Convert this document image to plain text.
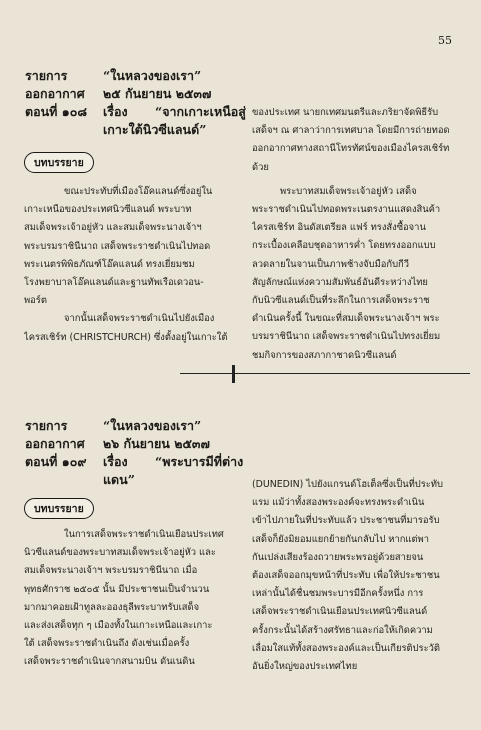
55
รายการ	“ในหลวงของเรา”
ออกอากาศ	๒๕ กันยายน ๒๕๓๗
ตอนที่ ๑๐๘	เรื่อง	“จากเกาะเหนือสู่
เกาะใต้นิวซีแลนด์”
บทบรรยาย

ขณะประทับที่เมืองโอ๊คแลนด์ซึ่งอยู่ใน

เกาะเหนือของประเทศนิวซีแลนด์ พระบาท

สมเด็จพระเจ้าอยู่หัว และสมเด็จพระนางเจ้าฯ

พระบรมราชินีนาถ เสด็จพระราชดำเนินไปทอด

พระเนตรพิพิธภัณฑ์โอ๊คแลนด์ ทรงเยี่ยมชม

โรงพยาบาลโอ๊คแลนด์และฐานทัพเรือเดวอน-

พอร์ต

จากนั้นเสด็จพระราชดำเนินไปยังเมือง

ไครสเชิร์ท (CHRISTCHURCH) ซึ่งตั้งอยู่ในเกาะใต้

ของประเทศ นายกเทศมนตรีและภริยาจัดพิธีรับ

เสด็จฯ ณ ศาลาว่าการเทศบาล โดยมีการถ่ายทอด

ออกอากาศทางสถานีโทรทัศน์ของเมืองไครสเชิร์ท

ด้วย

พระบาทสมเด็จพระเจ้าอยู่หัว เสด็จ

พระราชดำเนินไปทอดพระเนตรงานแสดงสินค้า

ไครสเชิร์ท อินดัสเตรียล แฟร์ ทรงสั่งซื้อจาน

กระเบื้องเคลือบชุดอาหารค่ำ โดยทรงออกแบบ

ลวดลายในจานเป็นภาพช้างจับมือกับกีวี

สัญลักษณ์แห่งความสัมพันธ์อันดีระหว่างไทย

กับนิวซีแลนด์เป็นที่ระลึกในการเสด็จพระราช

ดำเนินครั้งนี้ ในขณะที่สมเด็จพระนางเจ้าฯ พระ

บรมราชินีนาถ เสด็จพระราชดำเนินไปทรงเยี่ยม

ชมกิจการของสภากาชาดนิวซีแลนด์

รายการ	“ในหลวงของเรา”
ออกอากาศ	๒๖ กันยายน ๒๕๓๗
ตอนที่ ๑๐๙	เรื่อง	“พระบารมีที่ต่าง
แดน”
บทบรรยาย

ในการเสด็จพระราชดำเนินเยือนประเทศ

นิวซีแลนด์ของพระบาทสมเด็จพระเจ้าอยู่หัว และ

สมเด็จพระนางเจ้าฯ พระบรมราชินีนาถ เมื่อ

พุทธศักราช ๒๕๐๕ นั้น มีประชาชนเป็นจำนวน

มากมาคอยเฝ้าทูลละอองธุลีพระบาทรับเสด็จ

และส่งเสด็จทุก ๆ เมืองทั้งในเกาะเหนือและเกาะ

ใต้ เสด็จพระราชดำเนินถึง ดังเช่นเมื่อครั้ง

เสด็จพระราชดำเนินจากสนามบิน ดันเนดิน

(DUNEDIN) ไปยังแกรนด์โฮเต็ลซึ่งเป็นที่ประทับ

แรม แม้ว่าทั้งสองพระองค์จะทรงพระดำเนิน

เข้าไปภายในที่ประทับแล้ว ประชาชนที่มารอรับ

เสด็จก็ยังมิยอมแยกย้ายกันกลับไป หากแต่พา

กันเปล่งเสียงร้องถวายพระพรอยู่ด้วยสายจน

ต้องเสด็จออกมุขหน้าที่ประทับ เพื่อให้ประชาชน

เหล่านั้นได้ชื่นชมพระบารมีอีกครั้งหนึ่ง การ

เสด็จพระราชดำเนินเยือนประเทศนิวซีแลนด์

ครั้งกระนั้นได้สร้างศรัทธาและก่อให้เกิดความ

เลื่อมใสแท้ทั้งสองพระองค์และเป็นเกียรติประวัติ

อันยิ่งใหญ่ของประเทศไทย
